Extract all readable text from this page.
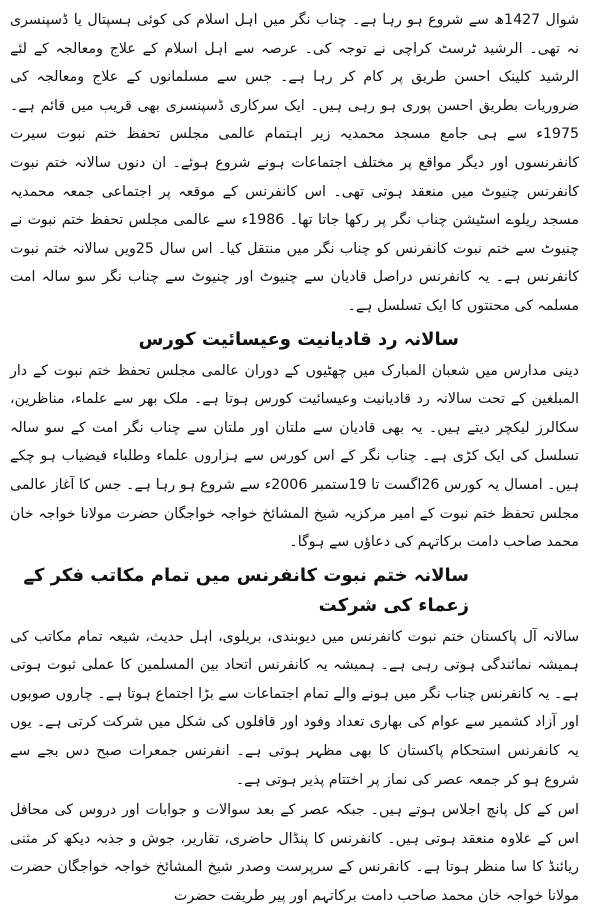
شوال 1427ھ سے شروع ہو رہا ہے۔ چناب نگر میں اہل اسلام کی کوئی ہسپتال یا ڈسپنسری نہ تھی۔ الرشید ٹرسٹ کراچی نے توجہ کی۔ عرصہ سے اہل اسلام کے علاج ومعالجہ کے لئے الرشید کلینک احسن طریق پر کام کر رہا ہے۔ جس سے مسلمانوں کے علاج ومعالجہ کی ضروریات بطریق احسن پوری ہو رہی ہیں۔ ایک سرکاری ڈسپنسری بھی قریب میں قائم ہے۔ 1975ء سے ہی جامع مسجد محمدیہ زیر اہتمام عالمی مجلس تحفظ ختم نبوت سیرت کانفرنسوں اور دیگر مواقع پر مختلف اجتماعات ہونے شروع ہوئے۔ ان دنوں سالانہ ختم نبوت کانفرنس چنیوٹ میں منعقد ہوتی تھی۔ اس کانفرنس کے موقعہ پر اجتماعی جمعہ محمدیہ مسجد ریلوے اسٹیشن چناب نگر پر رکھا جاتا تھا۔ 1986ء سے عالمی مجلس تحفظ ختم نبوت نے چنیوٹ سے ختم نبوت کانفرنس کو چناب نگر میں منتقل کیا۔ اس سال 25ویں سالانہ ختم نبوت کانفرنس ہے۔ یہ کانفرنس دراصل قادیان سے چنیوٹ اور چنیوٹ سے چناب نگر سو سالہ امت مسلمہ کی محنتوں کا ایک تسلسل ہے۔

سالانہ رد قادیانیت وعیسائیت کورس

دینی مدارس میں شعبان المبارک میں چھٹیوں کے دوران عالمی مجلس تحفظ ختم نبوت کے دار المبلغین کے تحت سالانہ رد قادیانیت وعیسائیت کورس ہوتا ہے۔ ملک بھر سے علماء، مناظرین، سکالرز لیکچر دیتے ہیں۔ یہ بھی قادیان سے ملتان اور ملتان سے چناب نگر امت کے سو سالہ تسلسل کی ایک کڑی ہے۔ چناب نگر کے اس کورس سے ہزاروں علماء وطلباء فیضیاب ہو چکے ہیں۔ امسال یہ کورس 26اگست تا 19ستمبر 2006ء سے شروع ہو رہا ہے۔ جس کا آغاز عالمی مجلس تحفظ ختم نبوت کے امیر مرکزیہ شیخ المشائخ خواجہ خواجگان حضرت مولانا خواجہ خان محمد صاحب دامت برکاتہم کی دعاؤں سے ہوگا۔

سالانہ ختم نبوت کانفرنس میں تمام مکاتب فکر کے زعماء کی شرکت

سالانہ آل پاکستان ختم نبوت کانفرنس میں دیوبندی، بریلوی، اہل حدیث، شیعہ تمام مکاتب کی ہمیشہ نمائندگی ہوتی رہی ہے۔ ہمیشہ یہ کانفرنس اتحاد بین المسلمین کا عملی ثبوت ہوتی ہے۔ یہ کانفرنس چناب نگر میں ہونے والے تمام اجتماعات سے بڑا اجتماع ہوتا ہے۔ چاروں صوبوں اور آزاد کشمیر سے عوام کی بھاری تعداد وفود اور قافلوں کی شکل میں شرکت کرتی ہے۔ یوں یہ کانفرنس استحکام پاکستان کا بھی مظہر ہوتی ہے۔ انفرنس جمعرات صبح دس بجے سے شروع ہو کر جمعہ عصر کی نماز پر اختتام پذیر ہوتی ہے۔

اس کے کل پانچ اجلاس ہوتے ہیں۔ جبکہ عصر کے بعد سوالات و جوابات اور دروس کی محافل اس کے علاوہ منعقد ہوتی ہیں۔ کانفرنس کا پنڈال حاضری، تقاریر، جوش و جذبہ دیکھ کر مثنی ریائنڈ کا سا منظر ہوتا ہے۔ کانفرنس کے سرپرست وصدر شیخ المشائخ خواجہ خواجگان حضرت مولانا خواجہ خان محمد صاحب دامت برکاتہم اور پیر طریقت حضرت
